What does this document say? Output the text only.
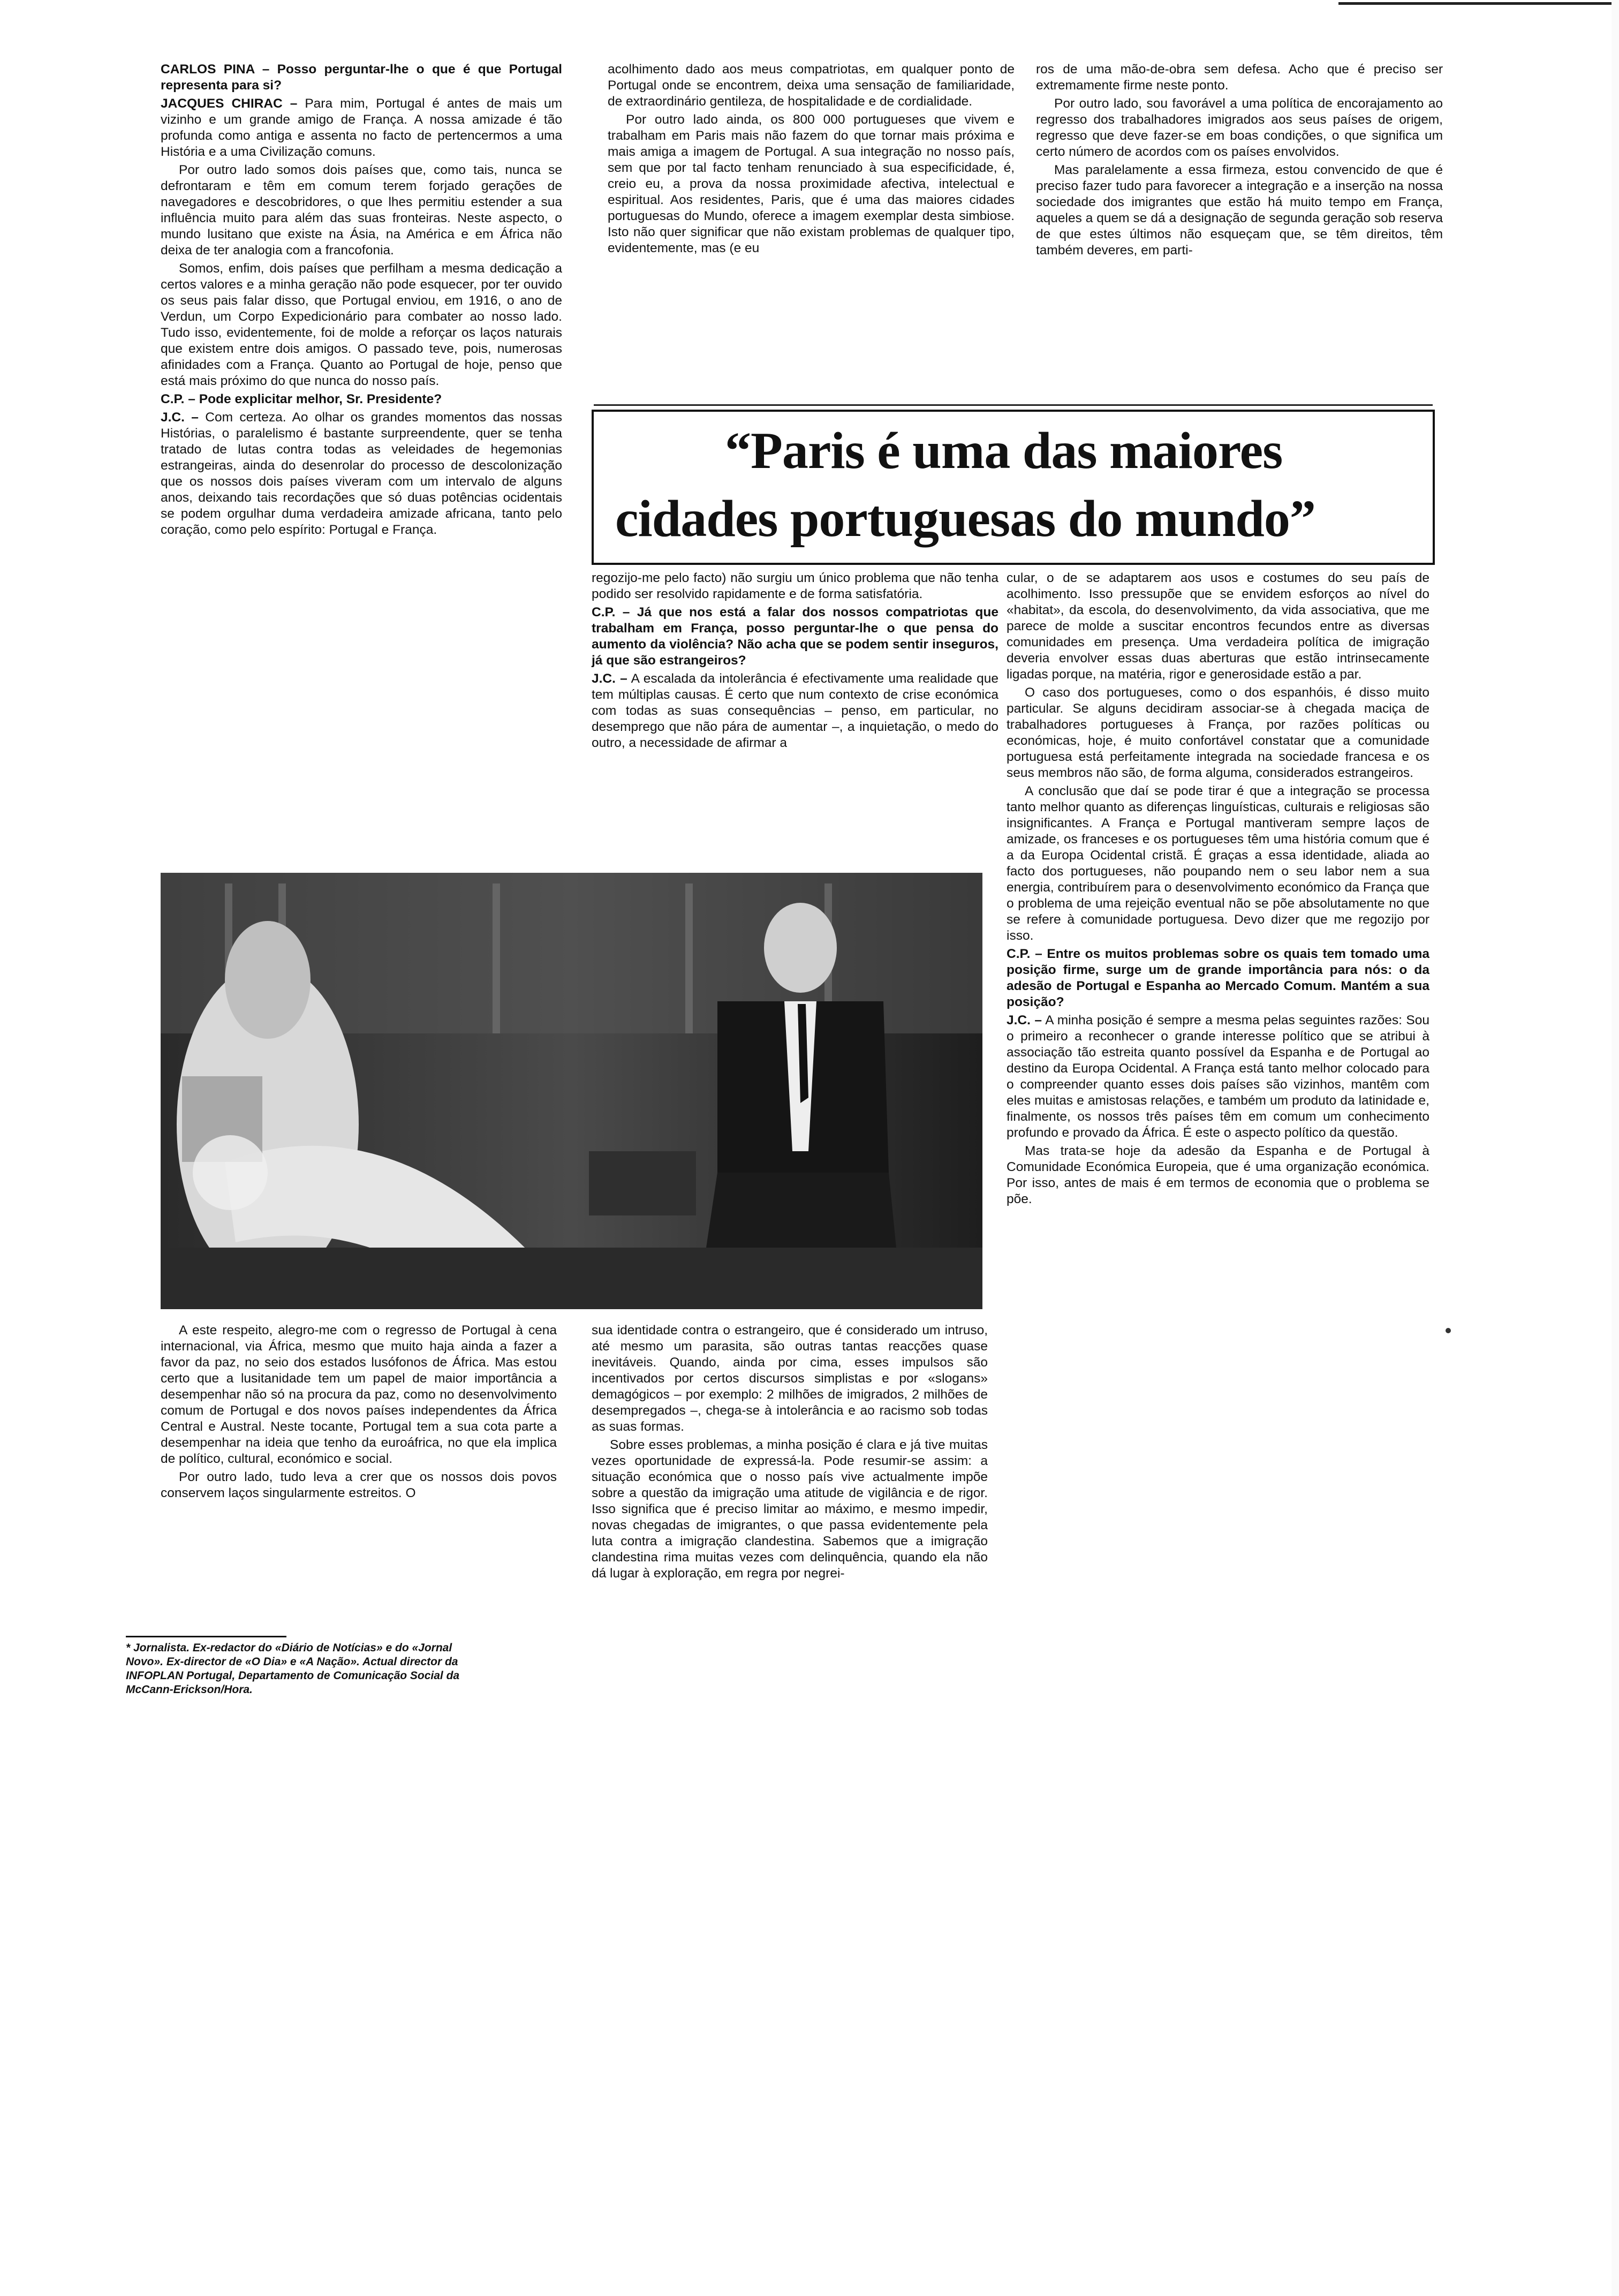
CARLOS PINA – Posso perguntar-lhe o que é que Portugal representa para si?

JACQUES CHIRAC – Para mim, Portugal é antes de mais um vizinho e um grande amigo de França. A nossa amizade é tão profunda como antiga e assenta no facto de pertencermos a uma História e a uma Civilização comuns.

Por outro lado somos dois países que, como tais, nunca se defrontaram e têm em comum terem forjado gerações de navegadores e descobridores, o que lhes permitiu estender a sua influência muito para além das suas fronteiras. Neste aspecto, o mundo lusitano que existe na Ásia, na América e em África não deixa de ter analogia com a francofonia.

Somos, enfim, dois países que perfilham a mesma dedicação a certos valores e a minha geração não pode esquecer, por ter ouvido os seus pais falar disso, que Portugal enviou, em 1916, o ano de Verdun, um Corpo Expedicionário para combater ao nosso lado. Tudo isso, evidentemente, foi de molde a reforçar os laços naturais que existem entre dois amigos. O passado teve, pois, numerosas afinidades com a França. Quanto ao Portugal de hoje, penso que está mais próximo do que nunca do nosso país.

C.P. – Pode explicitar melhor, Sr. Presidente?

J.C. – Com certeza. Ao olhar os grandes momentos das nossas Histórias, o paralelismo é bastante surpreendente, quer se tenha tratado de lutas contra todas as veleidades de hegemonias estrangeiras, ainda do desenrolar do processo de descolonização que os nossos dois países viveram com um intervalo de alguns anos, deixando tais recordações que só duas potências ocidentais se podem orgulhar duma verdadeira amizade africana, tanto pelo coração, como pelo espírito: Portugal e França.

acolhimento dado aos meus compatriotas, em qualquer ponto de Portugal onde se encontrem, deixa uma sensação de familiaridade, de extraordinário gentileza, de hospitalidade e de cordialidade.

Por outro lado ainda, os 800 000 portugueses que vivem e trabalham em Paris mais não fazem do que tornar mais próxima e mais amiga a imagem de Portugal. A sua integração no nosso país, sem que por tal facto tenham renunciado à sua especificidade, é, creio eu, a prova da nossa proximidade afectiva, intelectual e espiritual. Aos residentes, Paris, que é uma das maiores cidades portuguesas do Mundo, oferece a imagem exemplar desta simbiose. Isto não quer significar que não existam problemas de qualquer tipo, evidentemente, mas (e eu

ros de uma mão-de-obra sem defesa. Acho que é preciso ser extremamente firme neste ponto.

Por outro lado, sou favorável a uma política de encorajamento ao regresso dos trabalhadores imigrados aos seus países de origem, regresso que deve fazer-se em boas condições, o que significa um certo número de acordos com os países envolvidos.

Mas paralelamente a essa firmeza, estou convencido de que é preciso fazer tudo para favorecer a integração e a inserção na nossa sociedade dos imigrantes que estão há muito tempo em França, aqueles a quem se dá a designação de segunda geração sob reserva de que estes últimos não esqueçam que, se têm direitos, têm também deveres, em parti-

“Paris é uma das maiores
cidades portuguesas do mundo”

regozijo-me pelo facto) não surgiu um único problema que não tenha podido ser resolvido rapidamente e de forma satisfatória.

C.P. – Já que nos está a falar dos nossos compatriotas que trabalham em França, posso perguntar-lhe o que pensa do aumento da violência? Não acha que se podem sentir inseguros, já que são estrangeiros?

J.C. – A escalada da intolerância é efectivamente uma realidade que tem múltiplas causas. É certo que num contexto de crise económica com todas as suas consequências – penso, em particular, no desemprego que não pára de aumentar –, a inquietação, o medo do outro, a necessidade de afirmar a

cular, o de se adaptarem aos usos e costumes do seu país de acolhimento. Isso pressupõe que se envidem esforços ao nível do «habitat», da escola, do desenvolvimento, da vida associativa, que me parece de molde a suscitar encontros fecundos entre as diversas comunidades em presença. Uma verdadeira política de imigração deveria envolver essas duas aberturas que estão intrinsecamente ligadas porque, na matéria, rigor e generosidade estão a par.

O caso dos portugueses, como o dos espanhóis, é disso muito particular. Se alguns decidiram associar-se à chegada maciça de trabalhadores portugueses à França, por razões políticas ou económicas, hoje, é muito confortável constatar que a comunidade portuguesa está perfeitamente integrada na sociedade francesa e os seus membros não são, de forma alguma, considerados estrangeiros.

A conclusão que daí se pode tirar é que a integração se processa tanto melhor quanto as diferenças linguísticas, culturais e religiosas são insignificantes. A França e Portugal mantiveram sempre laços de amizade, os franceses e os portugueses têm uma história comum que é a da Europa Ocidental cristã. É graças a essa identidade, aliada ao facto dos portugueses, não poupando nem o seu labor nem a sua energia, contribuírem para o desenvolvimento económico da França que o problema de uma rejeição eventual não se põe absolutamente no que se refere à comunidade portuguesa. Devo dizer que me regozijo por isso.

C.P. – Entre os muitos problemas sobre os quais tem tomado uma posição firme, surge um de grande importância para nós: o da adesão de Portugal e Espanha ao Mercado Comum. Mantém a sua posição?

J.C. – A minha posição é sempre a mesma pelas seguintes razões: Sou o primeiro a reconhecer o grande interesse político que se atribui à associação tão estreita quanto possível da Espanha e de Portugal ao destino da Europa Ocidental. A França está tanto melhor colocado para o compreender quanto esses dois países são vizinhos, mantêm com eles muitas e amistosas relações, e também um produto da latinidade e, finalmente, os nossos três países têm em comum um conhecimento profundo e provado da África. É este o aspecto político da questão.

Mas trata-se hoje da adesão da Espanha e de Portugal à Comunidade Económica Europeia, que é uma organização económica. Por isso, antes de mais é em termos de economia que o problema se põe.

A este respeito, alegro-me com o regresso de Portugal à cena internacional, via África, mesmo que muito haja ainda a fazer a favor da paz, no seio dos estados lusófonos de África. Mas estou certo que a lusitanidade tem um papel de maior importância a desempenhar não só na procura da paz, como no desenvolvimento comum de Portugal e dos novos países independentes da África Central e Austral. Neste tocante, Portugal tem a sua cota parte a desempenhar na ideia que tenho da euroáfrica, no que ela implica de político, cultural, económico e social.

Por outro lado, tudo leva a crer que os nossos dois povos conservem laços singularmente estreitos. O

sua identidade contra o estrangeiro, que é considerado um intruso, até mesmo um parasita, são outras tantas reacções quase inevitáveis. Quando, ainda por cima, esses impulsos são incentivados por certos discursos simplistas e por «slogans» demagógicos – por exemplo: 2 milhões de imigrados, 2 milhões de desempregados –, chega-se à intolerância e ao racismo sob todas as suas formas.

Sobre esses problemas, a minha posição é clara e já tive muitas vezes oportunidade de expressá-la. Pode resumir-se assim: a situação económica que o nosso país vive actualmente impõe sobre a questão da imigração uma atitude de vigilância e de rigor. Isso significa que é preciso limitar ao máximo, e mesmo impedir, novas chegadas de imigrantes, o que passa evidentemente pela luta contra a imigração clandestina. Sabemos que a imigração clandestina rima muitas vezes com delinquência, quando ela não dá lugar à exploração, em regra por negrei-

* Jornalista. Ex-redactor do «Diário de Notícias» e do «Jornal Novo». Ex-director de «O Dia» e «A Nação». Actual director da INFOPLAN Portugal, Departamento de Comunicação Social da McCann-Erickson/Hora.
